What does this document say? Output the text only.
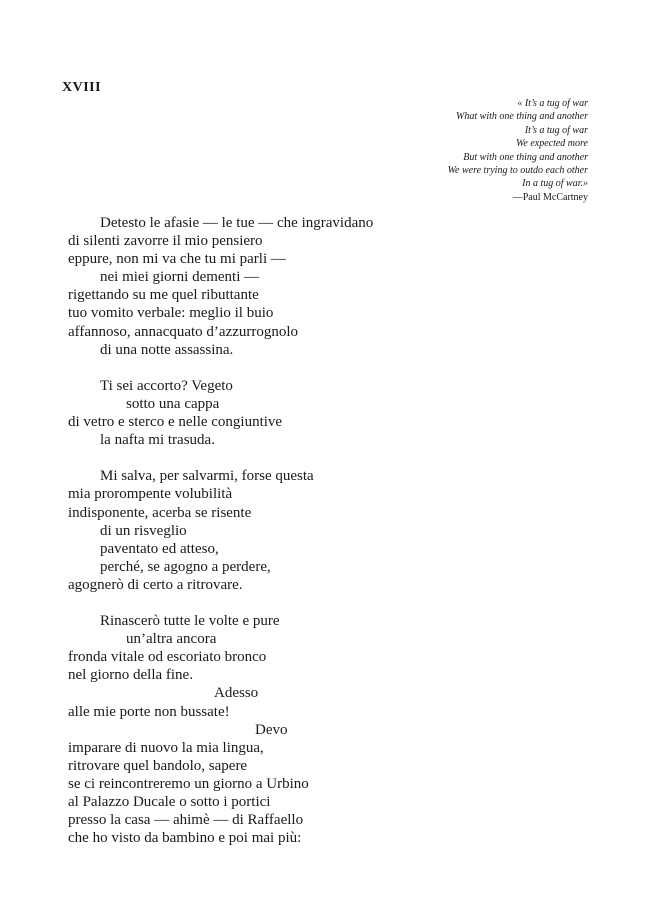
XVIII
« It’s a tug of war
What with one thing and another
It’s a tug of war
We expected more
But with one thing and another
We were trying to outdo each other
In a tug of war.»
—Paul McCartney
Detesto le afasie — le tue — che ingravidano
di silenti zavorre il mio pensiero
eppure, non mi va che tu mi parli —
nei miei giorni dementi —
rigettando su me quel ributtante
tuo vomito verbale: meglio il buio
affannoso, annacquato d’azzurrognolo
di una notte assassina.
Ti sei accorto? Vegeto
sotto una cappa
di vetro e sterco e nelle congiuntive
la nafta mi trasuda.
Mi salva, per salvarmi, forse questa
mia prorompente volubilità
indisponente, acerba se risente
di un risveglio
paventato ed atteso,
perché, se agogno a perdere,
agognerò di certo a ritrovare.
Rinascerò tutte le volte e pure
un’altra ancora
fronda vitale od escoriato bronco
nel giorno della fine.
Adesso
alle mie porte non bussate!
Devo
imparare di nuovo la mia lingua,
ritrovare quel bandolo, sapere
se ci reincontreremo un giorno a Urbino
al Palazzo Ducale o sotto i portici
presso la casa — ahimè — di Raffaello
che ho visto da bambino e poi mai più:
